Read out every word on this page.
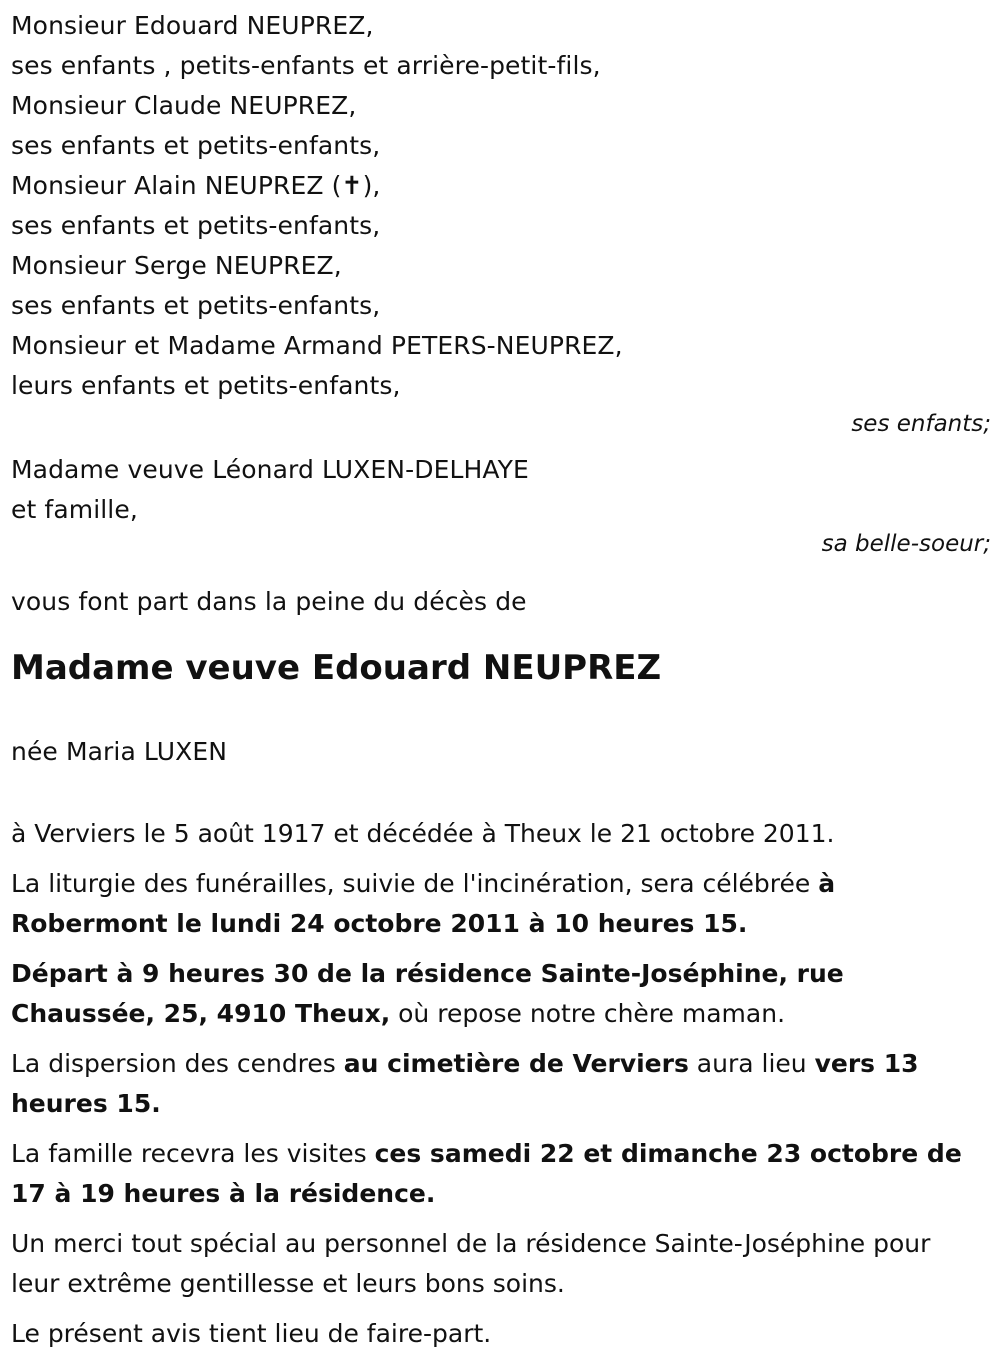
Monsieur Edouard NEUPREZ,
ses enfants , petits-enfants et arrière-petit-fils,
Monsieur Claude NEUPREZ,
ses enfants et petits-enfants,
Monsieur Alain NEUPREZ (✝),
ses enfants et petits-enfants,
Monsieur Serge NEUPREZ,
ses enfants et petits-enfants,
Monsieur et Madame Armand PETERS-NEUPREZ,
leurs enfants et petits-enfants,
ses enfants;
Madame veuve Léonard LUXEN-DELHAYE
et famille,
sa belle-soeur;
vous font part dans la peine du décès de
Madame veuve Edouard NEUPREZ
née Maria LUXEN
à Verviers le 5 août 1917 et décédée à Theux le 21 octobre 2011.
La liturgie des funérailles, suivie de l'incinération, sera célébrée à Robermont le lundi 24 octobre 2011 à 10 heures 15.
Départ à 9 heures 30 de la résidence Sainte-Joséphine, rue Chaussée, 25, 4910 Theux, où repose notre chère maman.
La dispersion des cendres au cimetière de Verviers aura lieu vers 13 heures 15.
La famille recevra les visites ces samedi 22 et dimanche 23 octobre de 17 à 19 heures à la résidence.
Un merci tout spécial au personnel de la résidence Sainte-Joséphine pour leur extrême gentillesse et leurs bons soins.
Le présent avis tient lieu de faire-part.
